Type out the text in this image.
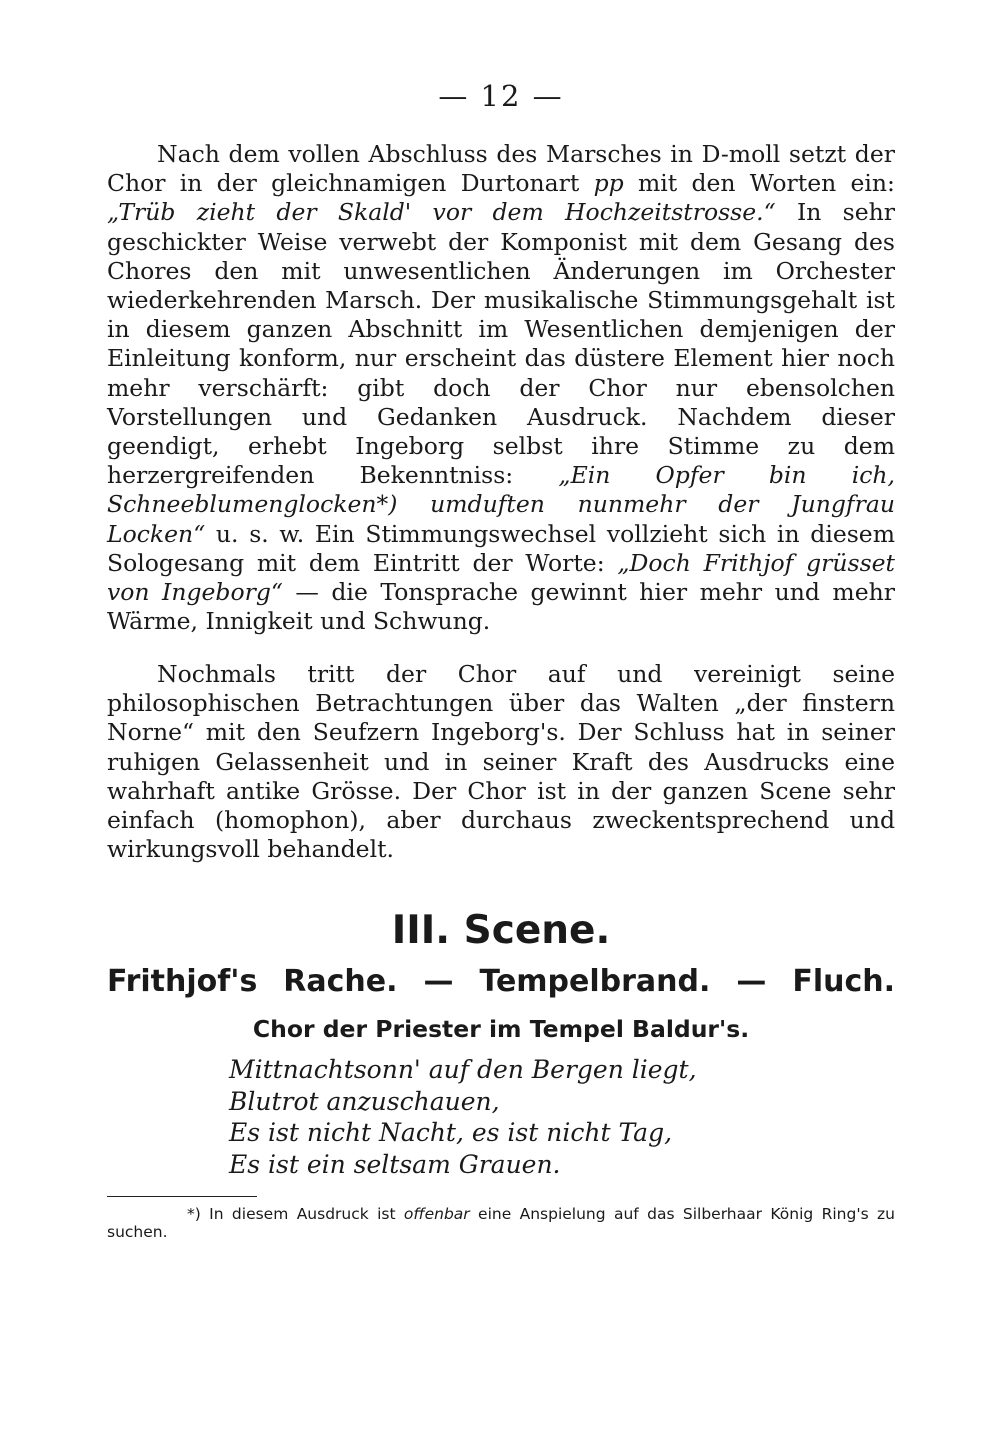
— 12 —

Nach dem vollen Abschluss des Marsches in D-moll setzt der Chor in der gleichnamigen Durtonart pp mit den Worten ein: „Trüb zieht der Skald' vor dem Hochzeitstrosse.“ In sehr geschickter Weise verwebt der Komponist mit dem Gesang des Chores den mit unwesentlichen Änderungen im Orchester wiederkehrenden Marsch. Der musikalische Stimmungsgehalt ist in diesem ganzen Abschnitt im Wesentlichen demjenigen der Einleitung konform, nur erscheint das düstere Element hier noch mehr verschärft: gibt doch der Chor nur ebensolchen Vorstellungen und Gedanken Ausdruck. Nachdem dieser geendigt, erhebt Ingeborg selbst ihre Stimme zu dem herzergreifenden Bekenntniss: „Ein Opfer bin ich, Schneeblumenglocken*) umduften nunmehr der Jungfrau Locken“ u. s. w. Ein Stimmungswechsel vollzieht sich in diesem Sologesang mit dem Eintritt der Worte: „Doch Frithjof grüsset von Ingeborg“ — die Tonsprache gewinnt hier mehr und mehr Wärme, Innigkeit und Schwung.

Nochmals tritt der Chor auf und vereinigt seine philosophischen Betrachtungen über das Walten „der finstern Norne“ mit den Seufzern Ingeborg's. Der Schluss hat in seiner ruhigen Gelassenheit und in seiner Kraft des Ausdrucks eine wahrhaft antike Grösse. Der Chor ist in der ganzen Scene sehr einfach (homophon), aber durchaus zweckentsprechend und wirkungsvoll behandelt.

III. Scene.
Frithjof's Rache. — Tempelbrand. — Fluch.
Chor der Priester im Tempel Baldur's.
Mittnachtsonn' auf den Bergen liegt,
Blutrot anzuschauen,
Es ist nicht Nacht, es ist nicht Tag,
Es ist ein seltsam Grauen.
*) In diesem Ausdruck ist offenbar eine Anspielung auf das Silberhaar König Ring's zu suchen.
